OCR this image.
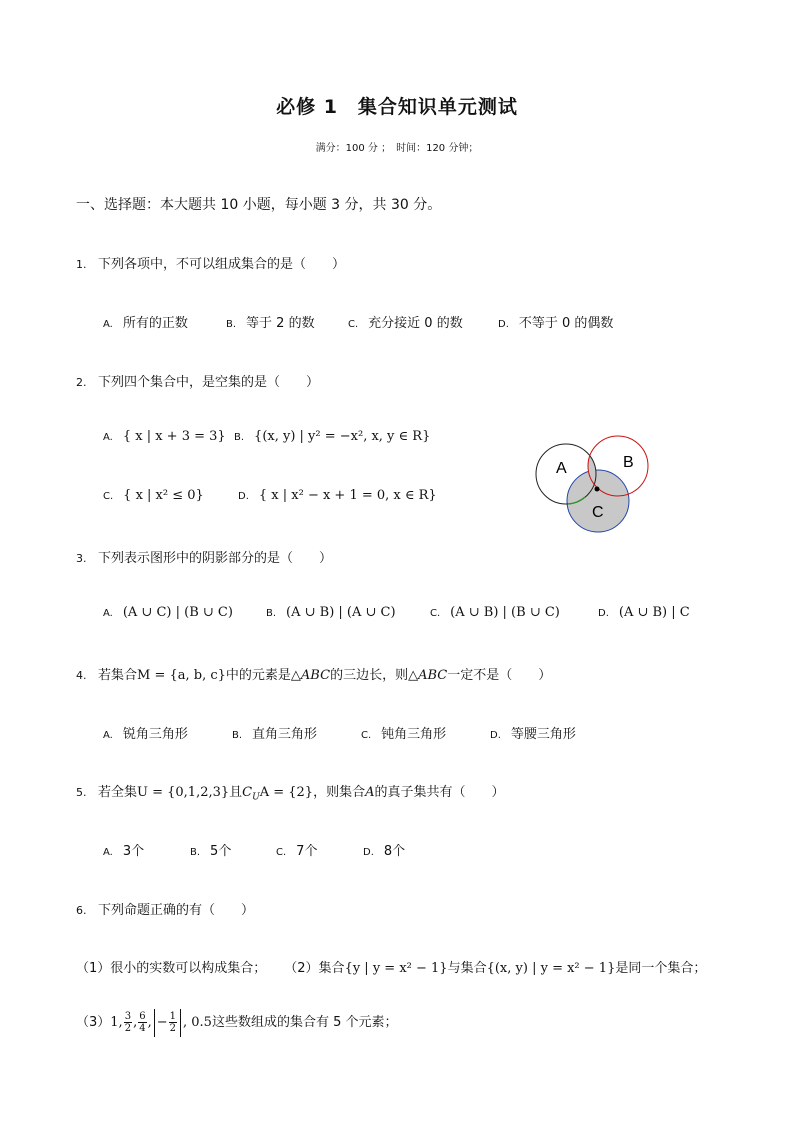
必修 1　集合知识单元测试
满分：100 分 ；　时间：120 分钟；
一、选择题：本大题共 10 小题，每小题 3 分，共 30 分。
1. 下列各项中，不可以组成集合的是（　　）
A. 所有的正数	B. 等于 2 的数	C. 充分接近 0 的数	D. 不等于 0 的偶数
2. 下列四个集合中，是空集的是（　　）
A. { x | x + 3 = 3} B. {(x, y) | y² = −x², x, y ∈ R}
C. { x | x² ≤ 0}	D. { x | x² − x + 1 = 0, x ∈ R}
A	B
C
3. 下列表示图形中的阴影部分的是（　　）
A. (A ∪ C) | (B ∪ C)	B. (A ∪ B) | (A ∪ C)	C. (A ∪ B) | (B ∪ C)	D. (A ∪ B) | C
4. 若集合M = {a, b, c}中的元素是△ABC的三边长，则△ABC一定不是（　　）
A. 锐角三角形	B. 直角三角形	C. 钝角三角形	D. 等腰三角形
5. 若全集U = {0,1,2,3}且$C_UA = \{2\}$，则集合A的真子集共有（　　）
A. 3个	B. 5个	C. 7个	D. 8个
6. 下列命题正确的有（　　）
（1）很小的实数可以构成集合； （2）集合{y | y = x² − 1}与集合{(x, y) | y = x² − 1}是同一个集合；
（3）1, $\frac{3}{2}$ , $\frac{6}{4}$ , − $\frac{1}{2}$ , 0.5这些数组成的集合有 5 个元素；
